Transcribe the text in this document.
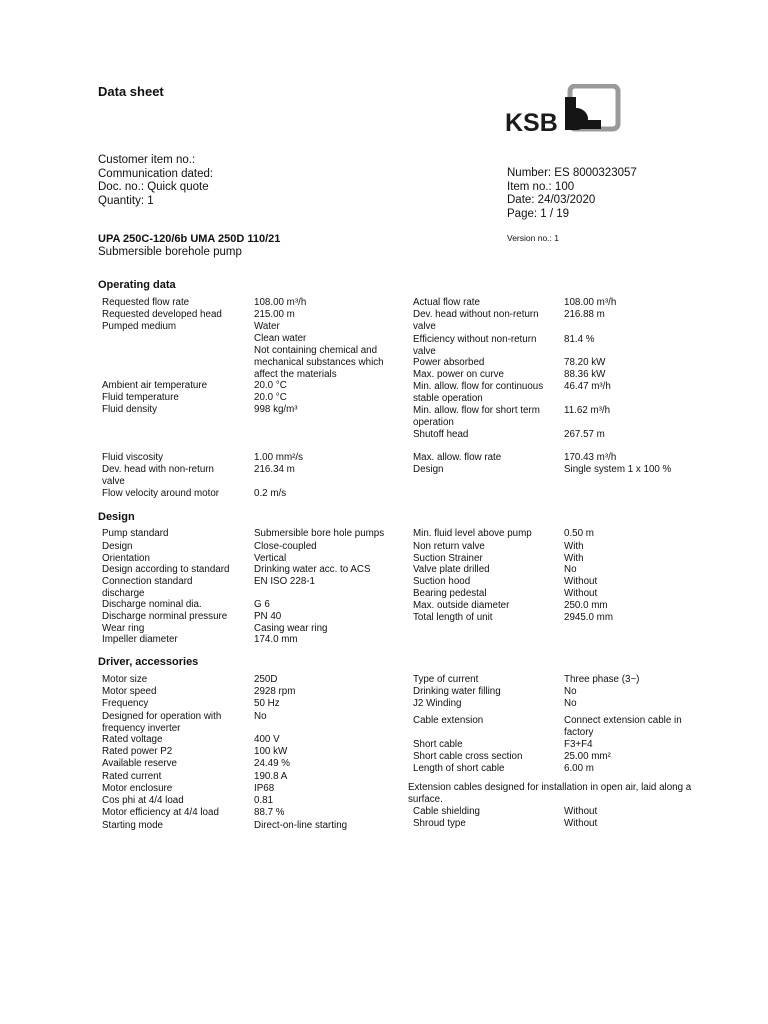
Data sheet
KSB
Customer item no.:
Communication dated:
Doc. no.: Quick quote
Quantity: 1
Number: ES 8000323057
Item no.: 100
Date: 24/03/2020
Page: 1 / 19
UPA 250C-120/6b UMA 250D 110/21
Submersible borehole pump
Version no.: 1
Operating data
Design
Driver, accessories
Requested flow rate
Requested developed head
Pumped medium
Ambient air temperature
Fluid temperature
Fluid density
Fluid viscosity
Dev. head with non-return
valve
Flow velocity around motor
108.00 m³/h
215.00 m
Water
Clean water
Not containing chemical and
mechanical substances which
affect the materials
20.0 °C
20.0 °C
998 kg/m³
1.00 mm²/s
216.34 m
0.2 m/s
Actual flow rate
Dev. head without non-return
valve
Efficiency without non-return
valve
Power absorbed
Max. power on curve
Min. allow. flow for continuous
stable operation
Min. allow. flow for short term
operation
Shutoff head
Max. allow. flow rate
Design
108.00 m³/h
216.88 m
81.4 %
78.20 kW
88.36 kW
46.47 m³/h
11.62 m³/h
267.57 m
170.43 m³/h
Single system 1 x 100 %
Pump standard
Design
Orientation
Design according to standard
Connection standard
discharge
Discharge nominal dia.
Discharge norminal pressure
Wear ring
Impeller diameter
Submersible bore hole pumps
Close-coupled
Vertical
Drinking water acc. to ACS
EN ISO 228-1
G 6
PN 40
Casing wear ring
174.0 mm
Min. fluid level above pump
Non return valve
Suction Strainer
Valve plate drilled
Suction hood
Bearing pedestal
Max. outside diameter
Total length of unit
0.50 m
With
With
No
Without
Without
250.0 mm
2945.0 mm
Motor size
Motor speed
Frequency
Designed for operation with
frequency inverter
Rated voltage
Rated power P2
Available reserve
Rated current
Motor enclosure
Cos phi at 4/4 load
Motor efficiency at 4/4 load
Starting mode
250D
2928 rpm
50 Hz
No
400 V
100 kW
24.49 %
190.8 A
IP68
0.81
88.7 %
Direct-on-line starting
Type of current
Drinking water filling
J2 Winding
Cable extension
Short cable
Short cable cross section
Length of short cable
Cable shielding
Shroud type
Three phase (3~)
No
No
Connect extension cable in
factory
F3+F4
25.00 mm²
6.00 m
Without
Without
Extension cables designed for installation in open air, laid along a surface.
